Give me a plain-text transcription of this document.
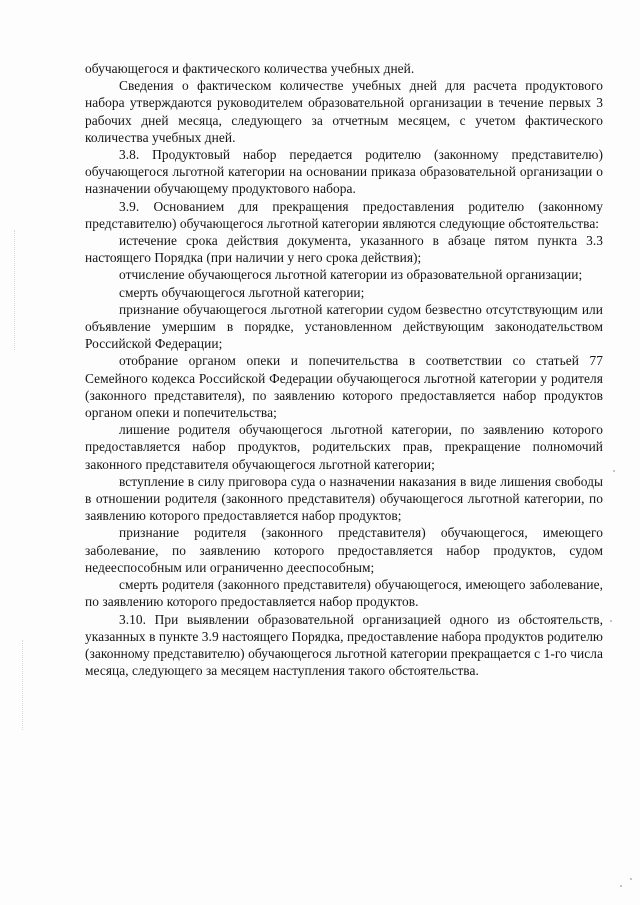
обучающегося и фактического количества учебных дней.

Сведения о фактическом количестве учебных дней для расчета продуктового набора утверждаются руководителем образовательной организации в течение первых 3 рабочих дней месяца, следующего за отчетным месяцем, с учетом фактического количества учебных дней.

3.8. Продуктовый набор передается родителю (законному представителю) обучающегося льготной категории на основании приказа образовательной организации о назначении обучающему продуктового набора.

3.9. Основанием для прекращения предоставления родителю (законному представителю) обучающегося льготной категории являются следующие обстоятельства:

истечение срока действия документа, указанного в абзаце пятом пункта 3.3 настоящего Порядка (при наличии у него срока действия);

отчисление обучающегося льготной категории из образовательной организации;

смерть обучающегося льготной категории;

признание обучающегося льготной категории судом безвестно отсутствующим или объявление умершим в порядке, установленном действующим законодательством Российской Федерации;

отобрание органом опеки и попечительства в соответствии со статьей 77 Семейного кодекса Российской Федерации обучающегося льготной категории у родителя (законного представителя), по заявлению которого предоставляется набор продуктов органом опеки и попечительства;

лишение родителя обучающегося льготной категории, по заявлению которого предоставляется набор продуктов, родительских прав, прекращение полномочий законного представителя обучающегося льготной категории;

вступление в силу приговора суда о назначении наказания в виде лишения свободы в отношении родителя (законного представителя) обучающегося льготной категории, по заявлению которого предоставляется набор продуктов;

признание родителя (законного представителя) обучающегося, имеющего заболевание, по заявлению которого предоставляется набор продуктов, судом недееспособным или ограниченно дееспособным;

смерть родителя (законного представителя) обучающегося, имеющего заболевание, по заявлению которого предоставляется набор продуктов.

3.10. При выявлении образовательной организацией одного из обстоятельств, указанных в пункте 3.9 настоящего Порядка, предоставление набора продуктов родителю (законному представителю) обучающегося льготной категории прекращается с 1-го числа месяца, следующего за месяцем наступления такого обстоятельства.
